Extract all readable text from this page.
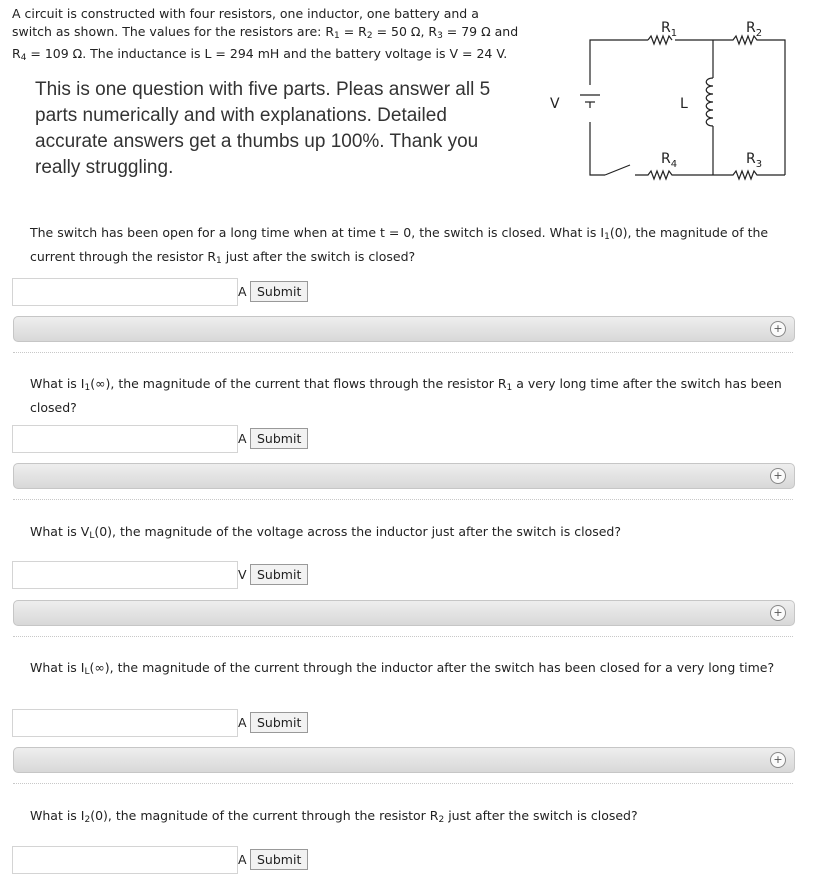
A circuit is constructed with four resistors, one inductor, one battery and a
switch as shown. The values for the resistors are: $R_1 = R_2 = 50$ Ω, $R_3 = 79$ Ω and
$R_4 = 109$ Ω. The inductance is L = 294 mH and the battery voltage is V = 24 V.
This is one question with five parts. Pleas answer all 5 parts numerically and with explanations. Detailed accurate answers get a thumbs up 100%. Thank you really struggling.
V	L
$R_1$	$R_2$
$R_4$	$R_3$
The switch has been open for a long time when at time t = 0, the switch is closed. What is $I_1(0)$, the magnitude of the current through the resistor $R_1$ just after the switch is closed?
A Submit
+
What is $I_1(\infty)$, the magnitude of the current that flows through the resistor $R_1$ a very long time after the switch has been closed?
A Submit
+
What is $V_L(0)$, the magnitude of the voltage across the inductor just after the switch is closed?
V Submit
+
What is $I_L(\infty)$, the magnitude of the current through the inductor after the switch has been closed for a very long time?
A Submit
+
What is $I_2(0)$, the magnitude of the current through the resistor $R_2$ just after the switch is closed?
A Submit
